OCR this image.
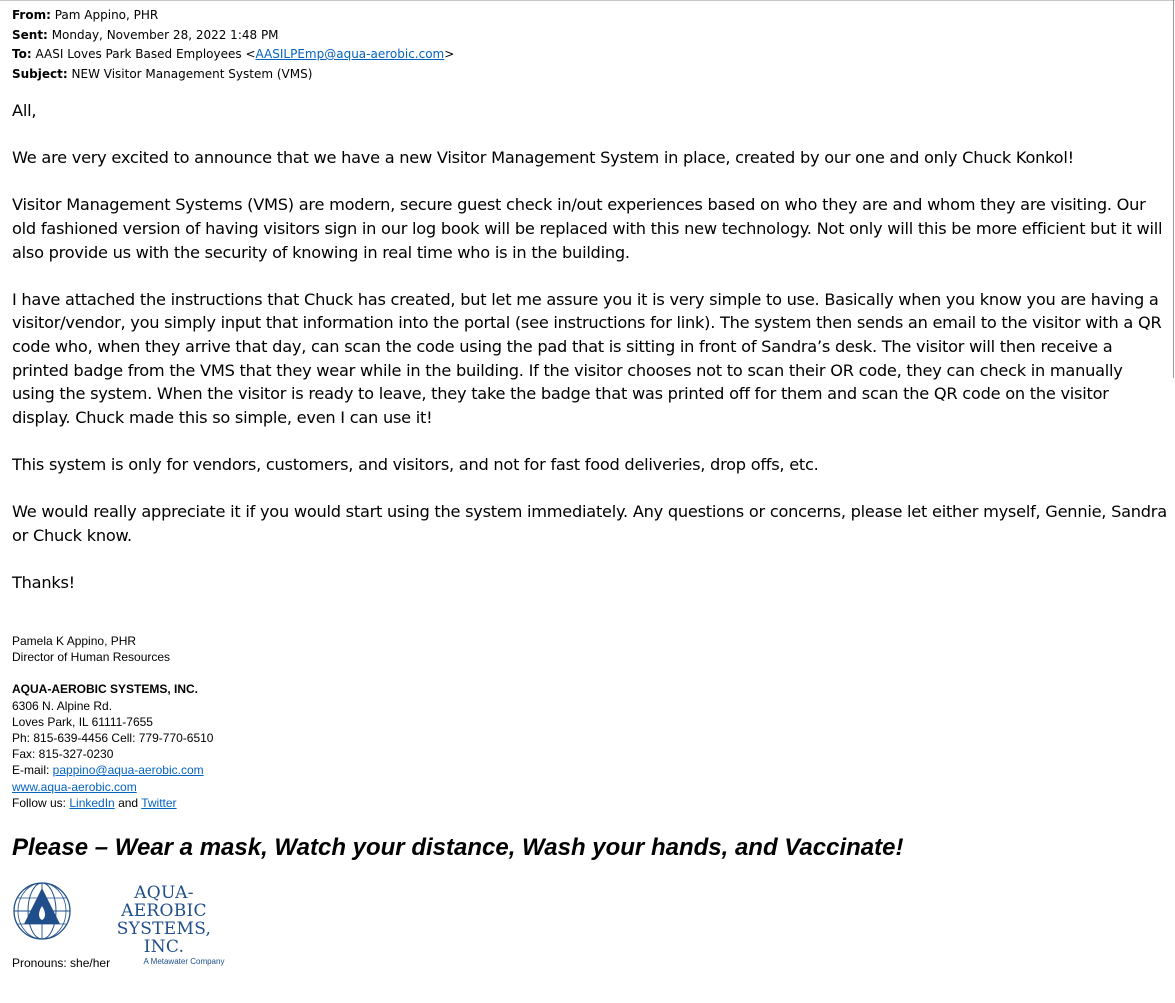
From: Pam Appino, PHR
Sent: Monday, November 28, 2022 1:48 PM
To: AASI Loves Park Based Employees <AASILPEmp@aqua-aerobic.com>
Subject: NEW Visitor Management System (VMS)

All,

We are very excited to announce that we have a new Visitor Management System in place, created by our one and only Chuck Konkol!

Visitor Management Systems (VMS) are modern, secure guest check in/out experiences based on who they are and whom they are visiting. Our old fashioned version of having visitors sign in our log book will be replaced with this new technology. Not only will this be more efficient but it will also provide us with the security of knowing in real time who is in the building.

I have attached the instructions that Chuck has created, but let me assure you it is very simple to use. Basically when you know you are having a visitor/vendor, you simply input that information into the portal (see instructions for link). The system then sends an email to the visitor with a QR code who, when they arrive that day, can scan the code using the pad that is sitting in front of Sandra’s desk. The visitor will then receive a printed badge from the VMS that they wear while in the building. If the visitor chooses not to scan their OR code, they can check in manually using the system. When the visitor is ready to leave, they take the badge that was printed off for them and scan the QR code on the visitor display. Chuck made this so simple, even I can use it!

This system is only for vendors, customers, and visitors, and not for fast food deliveries, drop offs, etc.

We would really appreciate it if you would start using the system immediately. Any questions or concerns, please let either myself, Gennie, Sandra or Chuck know.

Thanks!

Pamela K Appino, PHR

Director of Human Resources

AQUA-AEROBIC SYSTEMS, INC.

6306 N. Alpine Rd.

Loves Park, IL 61111-7655

Ph: 815-639-4456 Cell: 779-770-6510

Fax: 815-327-0230

E-mail: pappino@aqua-aerobic.com

www.aqua-aerobic.com

Follow us: LinkedIn and Twitter

Please – Wear a mask, Watch your distance, Wash your hands, and Vaccinate!
AQUA-AEROBIC
SYSTEMS, INC.
A Metawater Company
Pronouns: she/her
